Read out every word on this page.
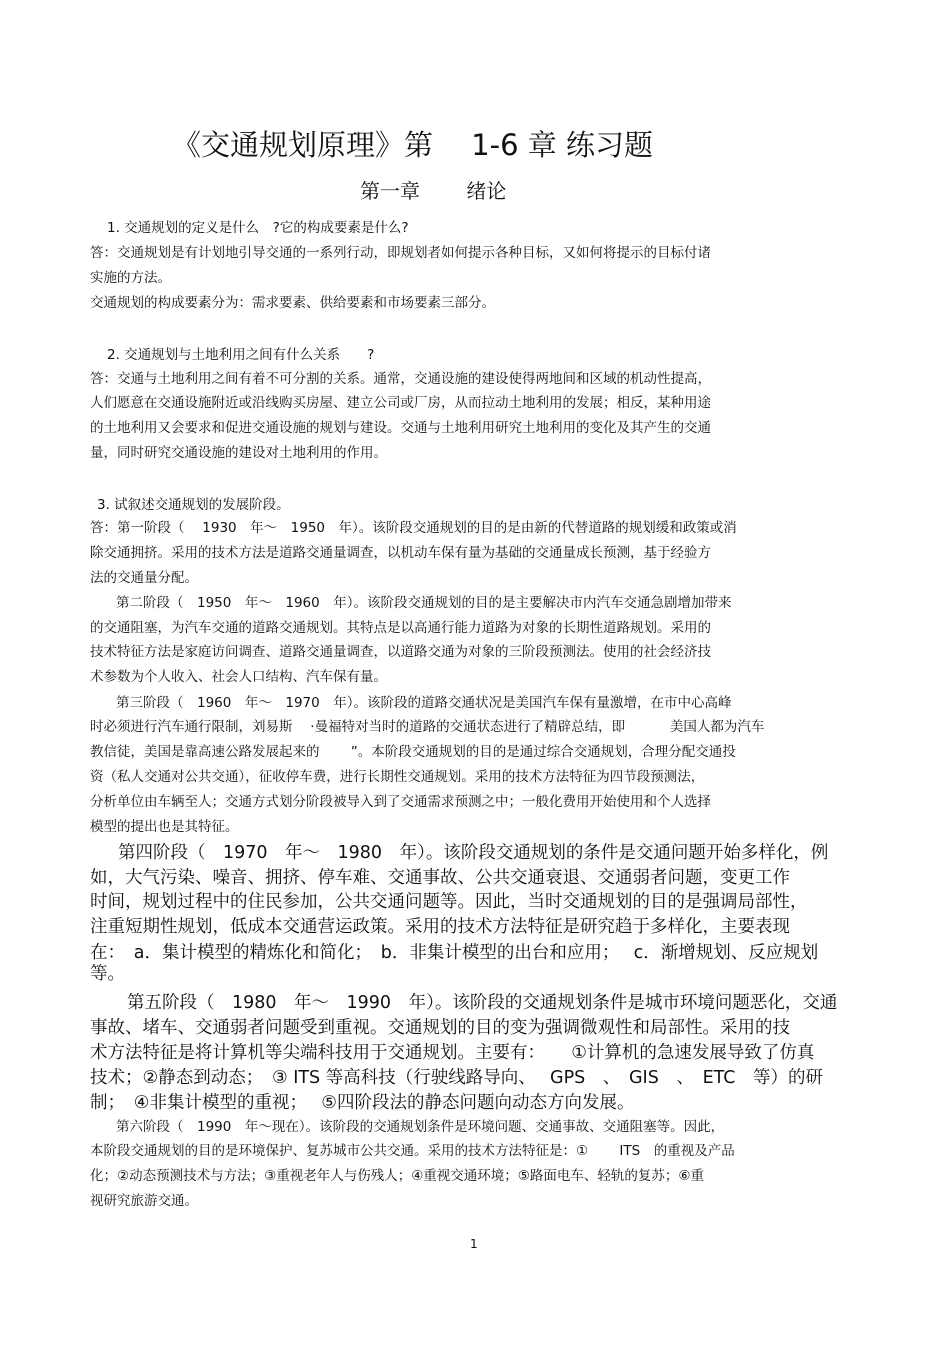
《交通规划原理》第　 1-6 章 练习题
第一章　　 绪论

1. 交通规划的定义是什么　?它的构成要素是什么?

答：交通规划是有计划地引导交通的一系列行动，即规划者如何提示各种目标，又如何将提示的目标付诸

实施的方法。

交通规划的构成要素分为：需求要素、供给要素和市场要素三部分。

2. 交通规划与土地利用之间有什么关系　　?

答：交通与土地利用之间有着不可分割的关系。通常，交通设施的建设使得两地间和区域的机动性提高，

人们愿意在交通设施附近或沿线购买房屋、建立公司或厂房，从而拉动土地利用的发展；相反，某种用途

的土地利用又会要求和促进交通设施的规划与建设。交通与土地利用研究土地利用的变化及其产生的交通

量，同时研究交通设施的建设对土地利用的作用。

3. 试叙述交通规划的发展阶段。

答：第一阶段（　 1930　年～　1950　年）。该阶段交通规划的目的是由新的代替道路的规划缓和政策或消

除交通拥挤。采用的技术方法是道路交通量调查，以机动车保有量为基础的交通量成长预测，基于经验方

法的交通量分配。

第二阶段（　1950　年～　1960　年）。该阶段交通规划的目的是主要解决市内汽车交通急剧增加带来

的交通阻塞，为汽车交通的道路交通规划。其特点是以高通行能力道路为对象的长期性道路规划。采用的

技术特征方法是家庭访问调查、道路交通量调查，以道路交通为对象的三阶段预测法。使用的社会经济技

术参数为个人收入、社会人口结构、汽车保有量。

第三阶段（　1960　年～　1970　年）。该阶段的道路交通状况是美国汽车保有量激增，在市中心高峰

时必须进行汽车通行限制，刘易斯　 ·曼福特对当时的道路的交通状态进行了精辟总结，即　　　 美国人都为汽车

教信徒，美国是靠高速公路发展起来的　　 ”。本阶段交通规划的目的是通过综合交通规划，合理分配交通投

资（私人交通对公共交通），征收停车费，进行长期性交通规划。采用的技术方法特征为四节段预测法，

分析单位由车辆至人；交通方式划分阶段被导入到了交通需求预测之中；一般化费用开始使用和个人选择

模型的提出也是其特征。

第四阶段（　1970　年～　1980　年）。该阶段交通规划的条件是交通问题开始多样化，例

如，大气污染、噪音、拥挤、停车难、交通事故、公共交通衰退、交通弱者问题，变更工作

时间，规划过程中的住民参加，公共交通问题等。因此，当时交通规划的目的是强调局部性，

注重短期性规划，低成本交通营运政策。采用的技术方法特征是研究趋于多样化，主要表现

在：　a．集计模型的精炼化和简化；　b．非集计模型的出台和应用；　 c．渐增规划、反应规划

等。

第五阶段（　1980　年～　1990　年）。该阶段的交通规划条件是城市环境问题恶化，交通

事故、堵车、交通弱者问题受到重视。交通规划的目的变为强调微观性和局部性。采用的技

术方法特征是将计算机等尖端科技用于交通规划。主要有：　　①计算机的急速发展导致了仿真

技术；②静态到动态；　③ ITS 等高科技（行驶线路导向、　 GPS　、　GIS　、　ETC　等）的研

制；　④非集计模型的重视；　 ⑤四阶段法的静态问题向动态方向发展。

第六阶段（　1990　年～现在）。该阶段的交通规划条件是环境问题、交通事故、交通阻塞等。因此，

本阶段交通规划的目的是环境保护、复苏城市公共交通。采用的技术方法特征是：①　　 ITS　的重视及产品

化；②动态预测技术与方法；③重视老年人与伤残人；④重视交通环境；⑤路面电车、轻轨的复苏；⑥重

视研究旅游交通。

1
